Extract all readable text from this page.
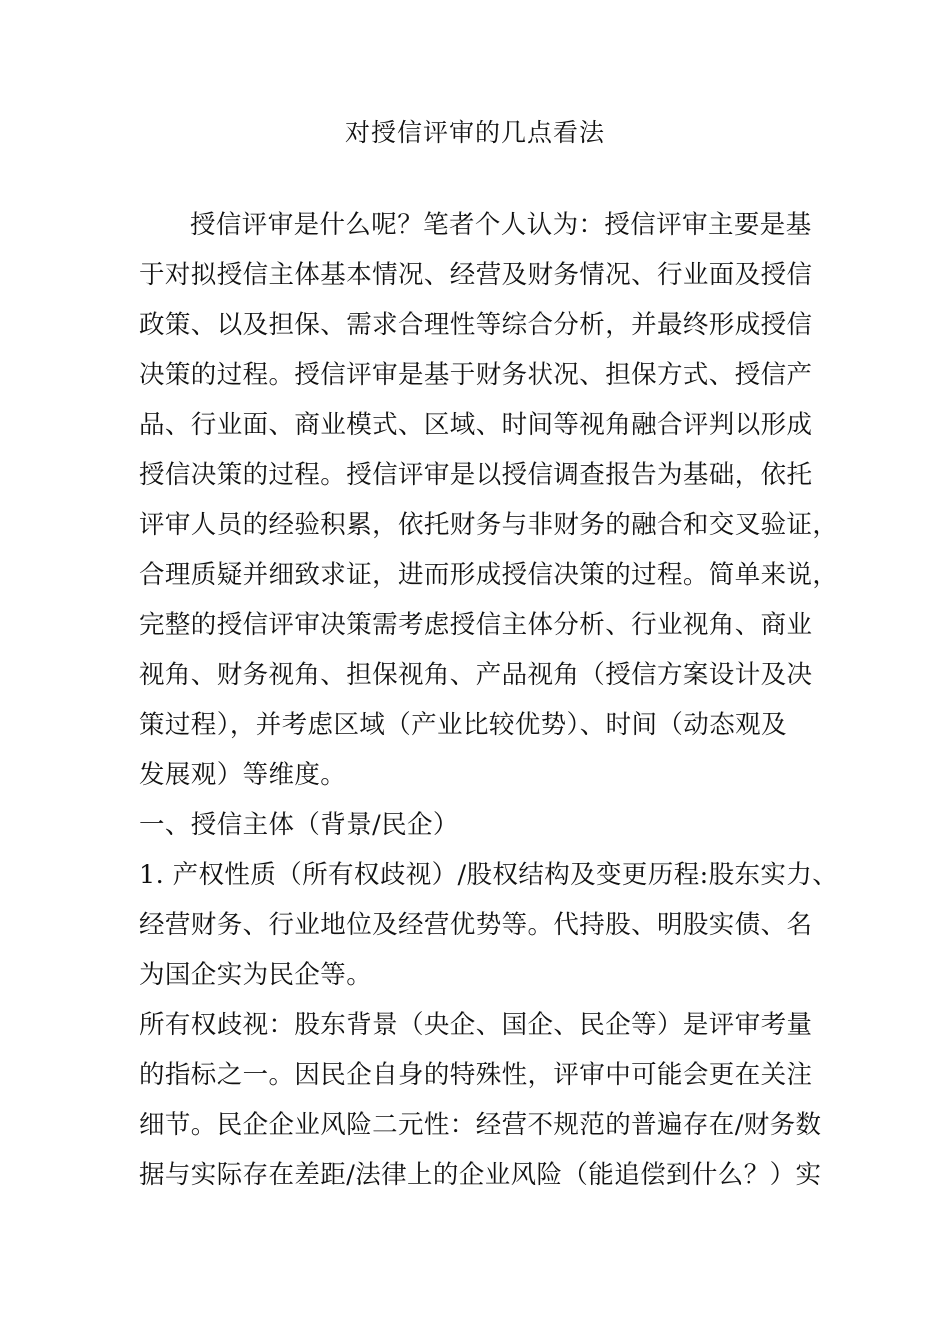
对授信评审的几点看法
授信评审是什么呢？笔者个人认为：授信评审主要是基
于对拟授信主体基本情况、经营及财务情况、行业面及授信
政策、以及担保、需求合理性等综合分析，并最终形成授信
决策的过程。授信评审是基于财务状况、担保方式、授信产
品、行业面、商业模式、区域、时间等视角融合评判以形成
授信决策的过程。授信评审是以授信调查报告为基础，依托
评审人员的经验积累，依托财务与非财务的融合和交叉验证，
合理质疑并细致求证，进而形成授信决策的过程。简单来说，
完整的授信评审决策需考虑授信主体分析、行业视角、商业
视角、财务视角、担保视角、产品视角（授信方案设计及决
策过程），并考虑区域（产业比较优势）、时间（动态观及
发展观）等维度。
一、授信主体（背景/民企）
1. 产权性质（所有权歧视）/股权结构及变更历程:股东实力、
经营财务、行业地位及经营优势等。代持股、明股实债、名
为国企实为民企等。
所有权歧视：股东背景（央企、国企、民企等）是评审考量
的指标之一。因民企自身的特殊性，评审中可能会更在关注
细节。民企企业风险二元性：经营不规范的普遍存在/财务数
据与实际存在差距/法律上的企业风险（能追偿到什么？）实
